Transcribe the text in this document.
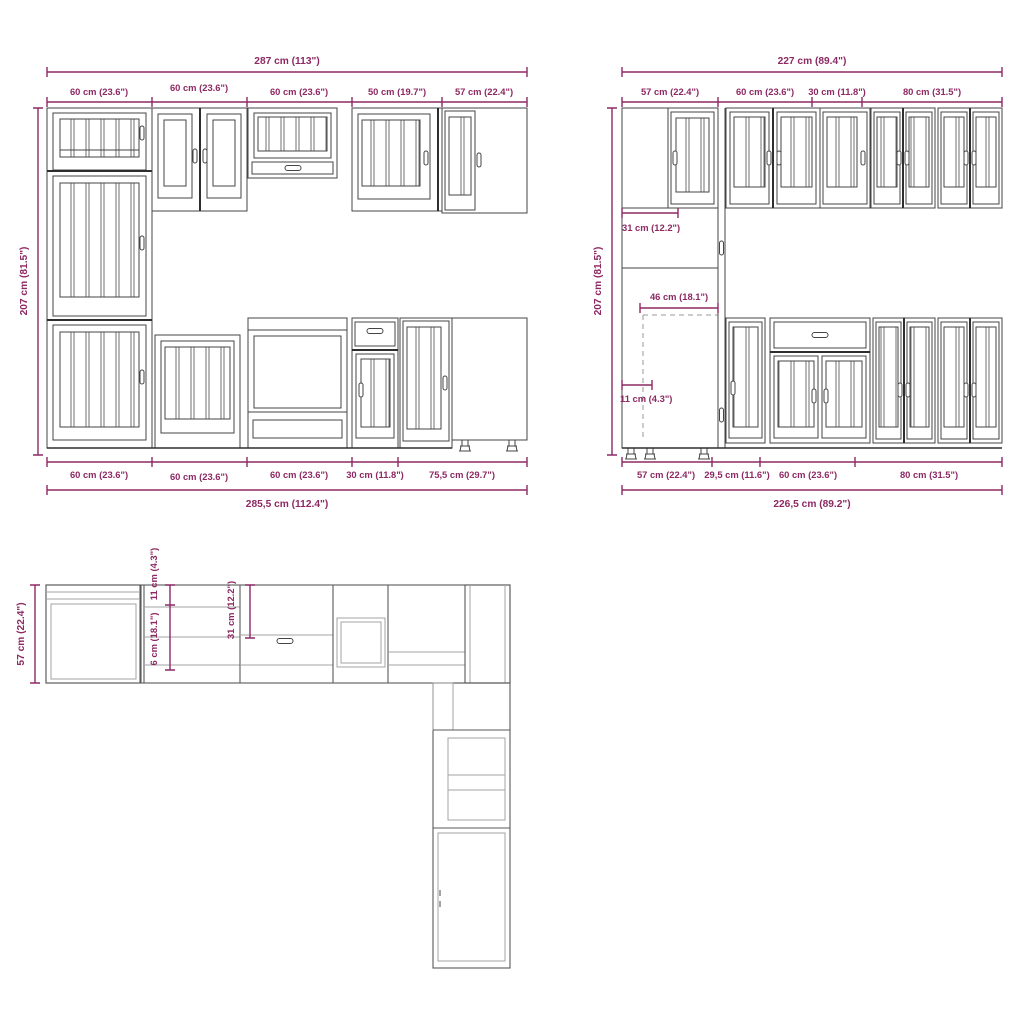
287 cm (113")
60 cm (23.6")	60 cm (23.6")	60 cm (23.6")	50 cm (19.7")	57 cm (22.4")
207 cm (81.5")
60 cm (23.6")	60 cm (23.6")	60 cm (23.6") 30 cm (11.8")	75,5 cm (29.7")
285,5 cm (112.4")
227 cm (89.4")
57 cm (22.4")	60 cm (23.6") 30 cm (11.8")	80 cm (31.5")
207 cm (81.5")
31 cm (12.2")
46 cm (18.1")
11 cm (4.3")
57 cm (22.4") 29,5 cm (11.6") 60 cm (23.6")	80 cm (31.5")
226,5 cm (89.2")
57 cm (22.4")
11 cm (4.3")
6 cm (18.1")	31 cm (12.2")
